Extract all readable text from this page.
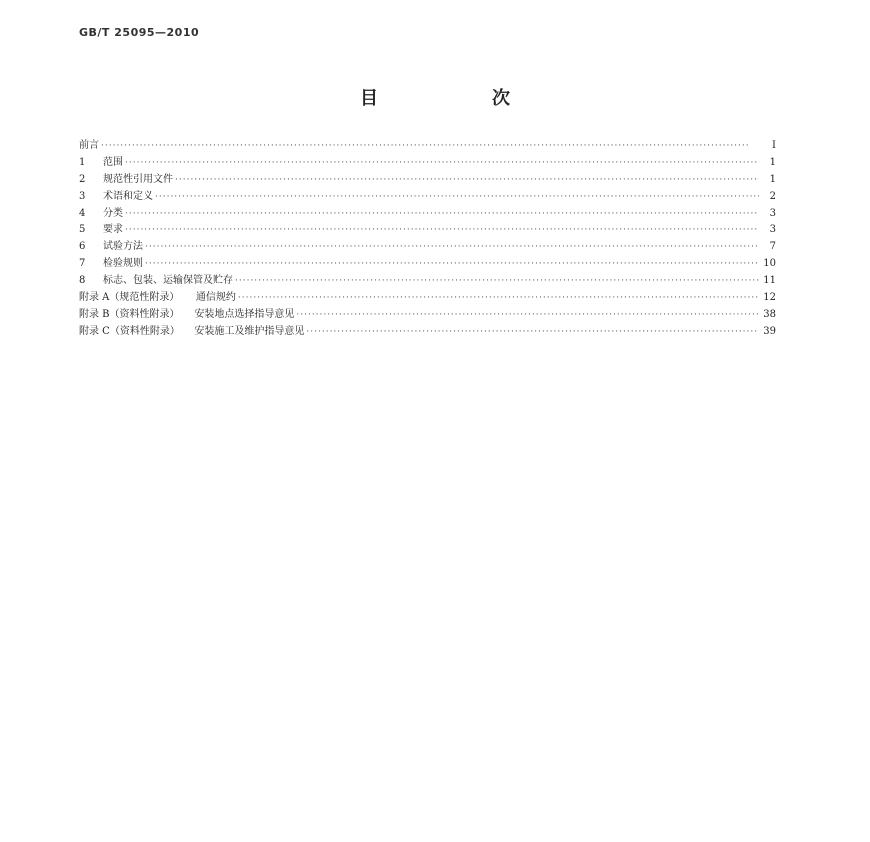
GB/T 25095—2010
目　次
前言 ·····	Ⅰ
1	范围 ·····	1
2	规范性引用文件 ·····	1
3	术语和定义 ·····	2
4	分类 ·····	3
5	要求 ·····	3
6	试验方法 ·····	7
7	检验规则 ·····	10
8	标志、包装、运输保管及贮存 ·····	11
附录 A（规范性附录） 通信规约 ·····	12
附录 B（资料性附录） 安装地点选择指导意见 ·····	38
附录 C（资料性附录） 安装施工及维护指导意见 ·····	39
